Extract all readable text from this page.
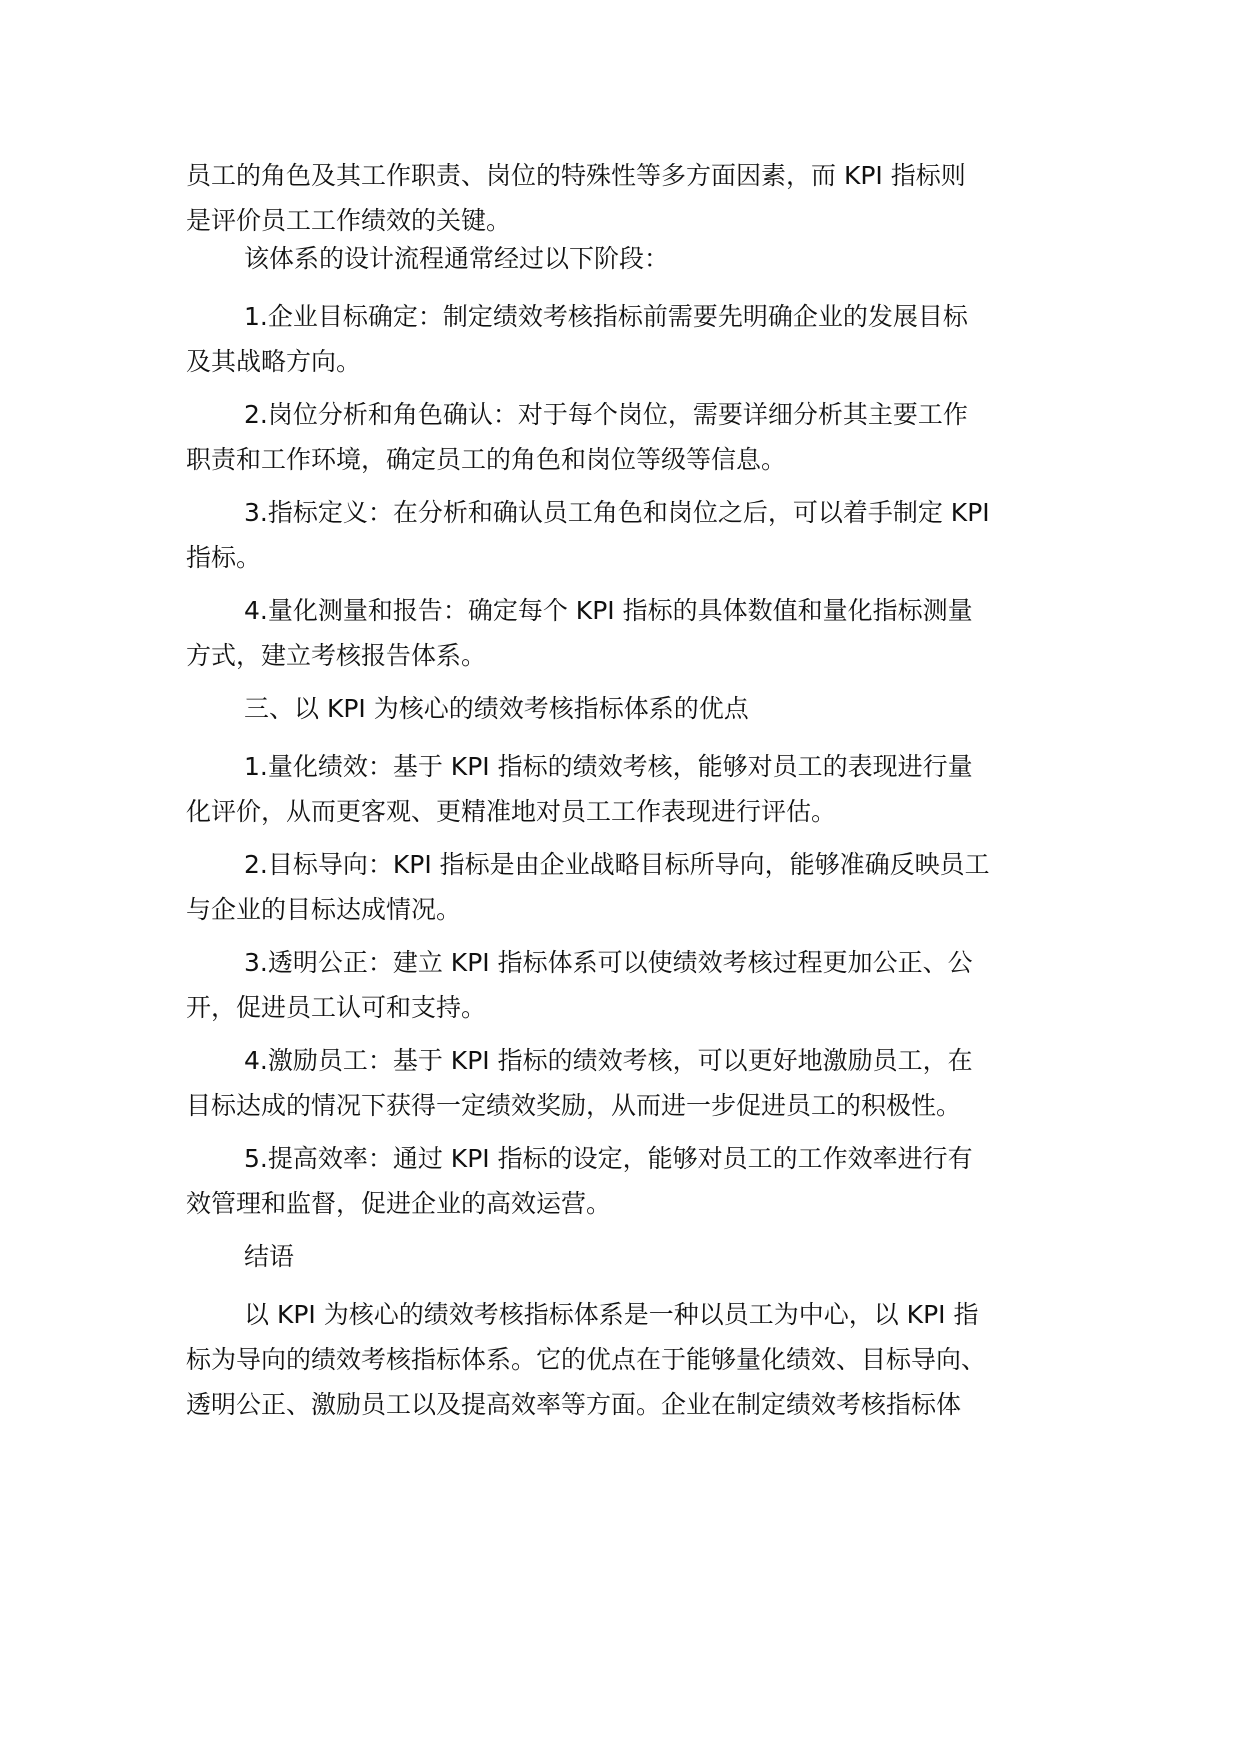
员工的角色及其工作职责、岗位的特殊性等多方面因素，而 KPI 指标则
是评价员工工作绩效的关键。

该体系的设计流程通常经过以下阶段：

1.企业目标确定：制定绩效考核指标前需要先明确企业的发展目标
及其战略方向。

2.岗位分析和角色确认：对于每个岗位，需要详细分析其主要工作
职责和工作环境，确定员工的角色和岗位等级等信息。

3.指标定义：在分析和确认员工角色和岗位之后，可以着手制定 KPI
指标。

4.量化测量和报告：确定每个 KPI 指标的具体数值和量化指标测量
方式，建立考核报告体系。

三、以 KPI 为核心的绩效考核指标体系的优点

1.量化绩效：基于 KPI 指标的绩效考核，能够对员工的表现进行量
化评价，从而更客观、更精准地对员工工作表现进行评估。

2.目标导向：KPI 指标是由企业战略目标所导向，能够准确反映员工
与企业的目标达成情况。

3.透明公正：建立 KPI 指标体系可以使绩效考核过程更加公正、公
开，促进员工认可和支持。

4.激励员工：基于 KPI 指标的绩效考核，可以更好地激励员工，在
目标达成的情况下获得一定绩效奖励，从而进一步促进员工的积极性。

5.提高效率：通过 KPI 指标的设定，能够对员工的工作效率进行有
效管理和监督，促进企业的高效运营。

结语

以 KPI 为核心的绩效考核指标体系是一种以员工为中心，以 KPI 指
标为导向的绩效考核指标体系。它的优点在于能够量化绩效、目标导向、
透明公正、激励员工以及提高效率等方面。企业在制定绩效考核指标体
